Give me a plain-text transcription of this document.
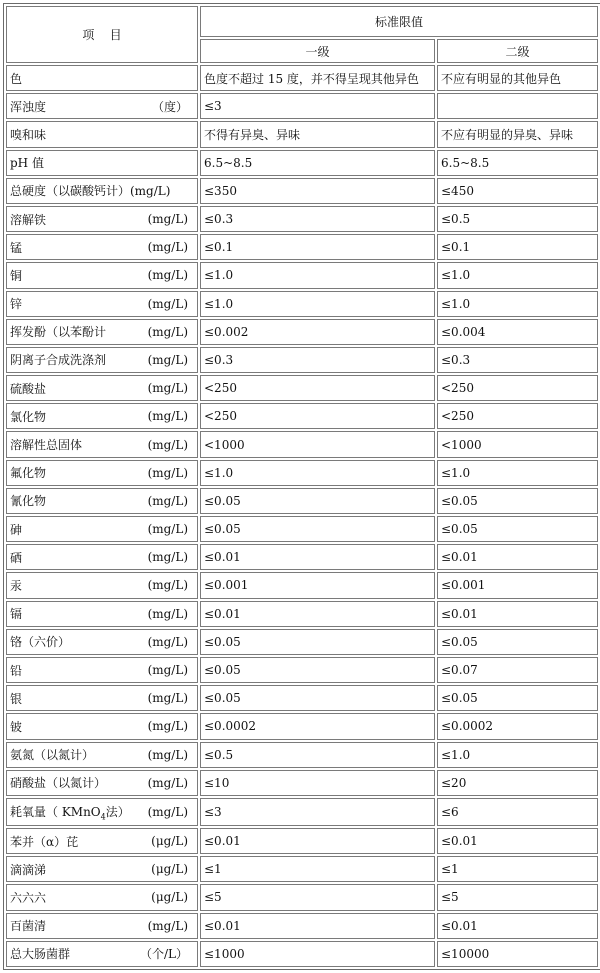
项    目	标准限值	
	一级	二级

色	色度不超过 15 度，并不得呈现其他异色	不应有明显的其他异色

浑浊度 （度）	≤3	

嗅和味	不得有异臭、异味	不应有明显的异臭、异味

pH 值	6.5~8.5	6.5~8.5

总硬度（以碳酸钙计）(mg/L)	≤350	≤450

溶解铁 (mg/L)	≤0.3	≤0.5

锰 (mg/L)	≤0.1	≤0.1

铜 (mg/L)	≤1.0	≤1.0

锌 (mg/L)	≤1.0	≤1.0

挥发酚（以苯酚计 (mg/L)	≤0.002	≤0.004

阴离子合成洗涤剂 (mg/L)	≤0.3	≤0.3

硫酸盐 (mg/L)	<250	<250

氯化物 (mg/L)	<250	<250

溶解性总固体 (mg/L)	<1000	<1000

氟化物 (mg/L)	≤1.0	≤1.0

氰化物 (mg/L)	≤0.05	≤0.05

砷 (mg/L)	≤0.05	≤0.05

硒 (mg/L)	≤0.01	≤0.01

汞 (mg/L)	≤0.001	≤0.001

镉 (mg/L)	≤0.01	≤0.01

铬（六价） (mg/L)	≤0.05	≤0.05

铅 (mg/L)	≤0.05	≤0.07

银 (mg/L)	≤0.05	≤0.05

铍 (mg/L)	≤0.0002	≤0.0002

氨氮（以氮计） (mg/L)	≤0.5	≤1.0

硝酸盐（以氮计） (mg/L)	≤10	≤20

耗氧量（ KMnO$_4$法） (mg/L)	≤3	≤6

苯并（α）芘 (μg/L)	≤0.01	≤0.01

滴滴涕 (μg/L)	≤1	≤1

六六六 (μg/L)	≤5	≤5

百菌清 (mg/L)	≤0.01	≤0.01

总大肠菌群 （个/L）	≤1000	≤10000
